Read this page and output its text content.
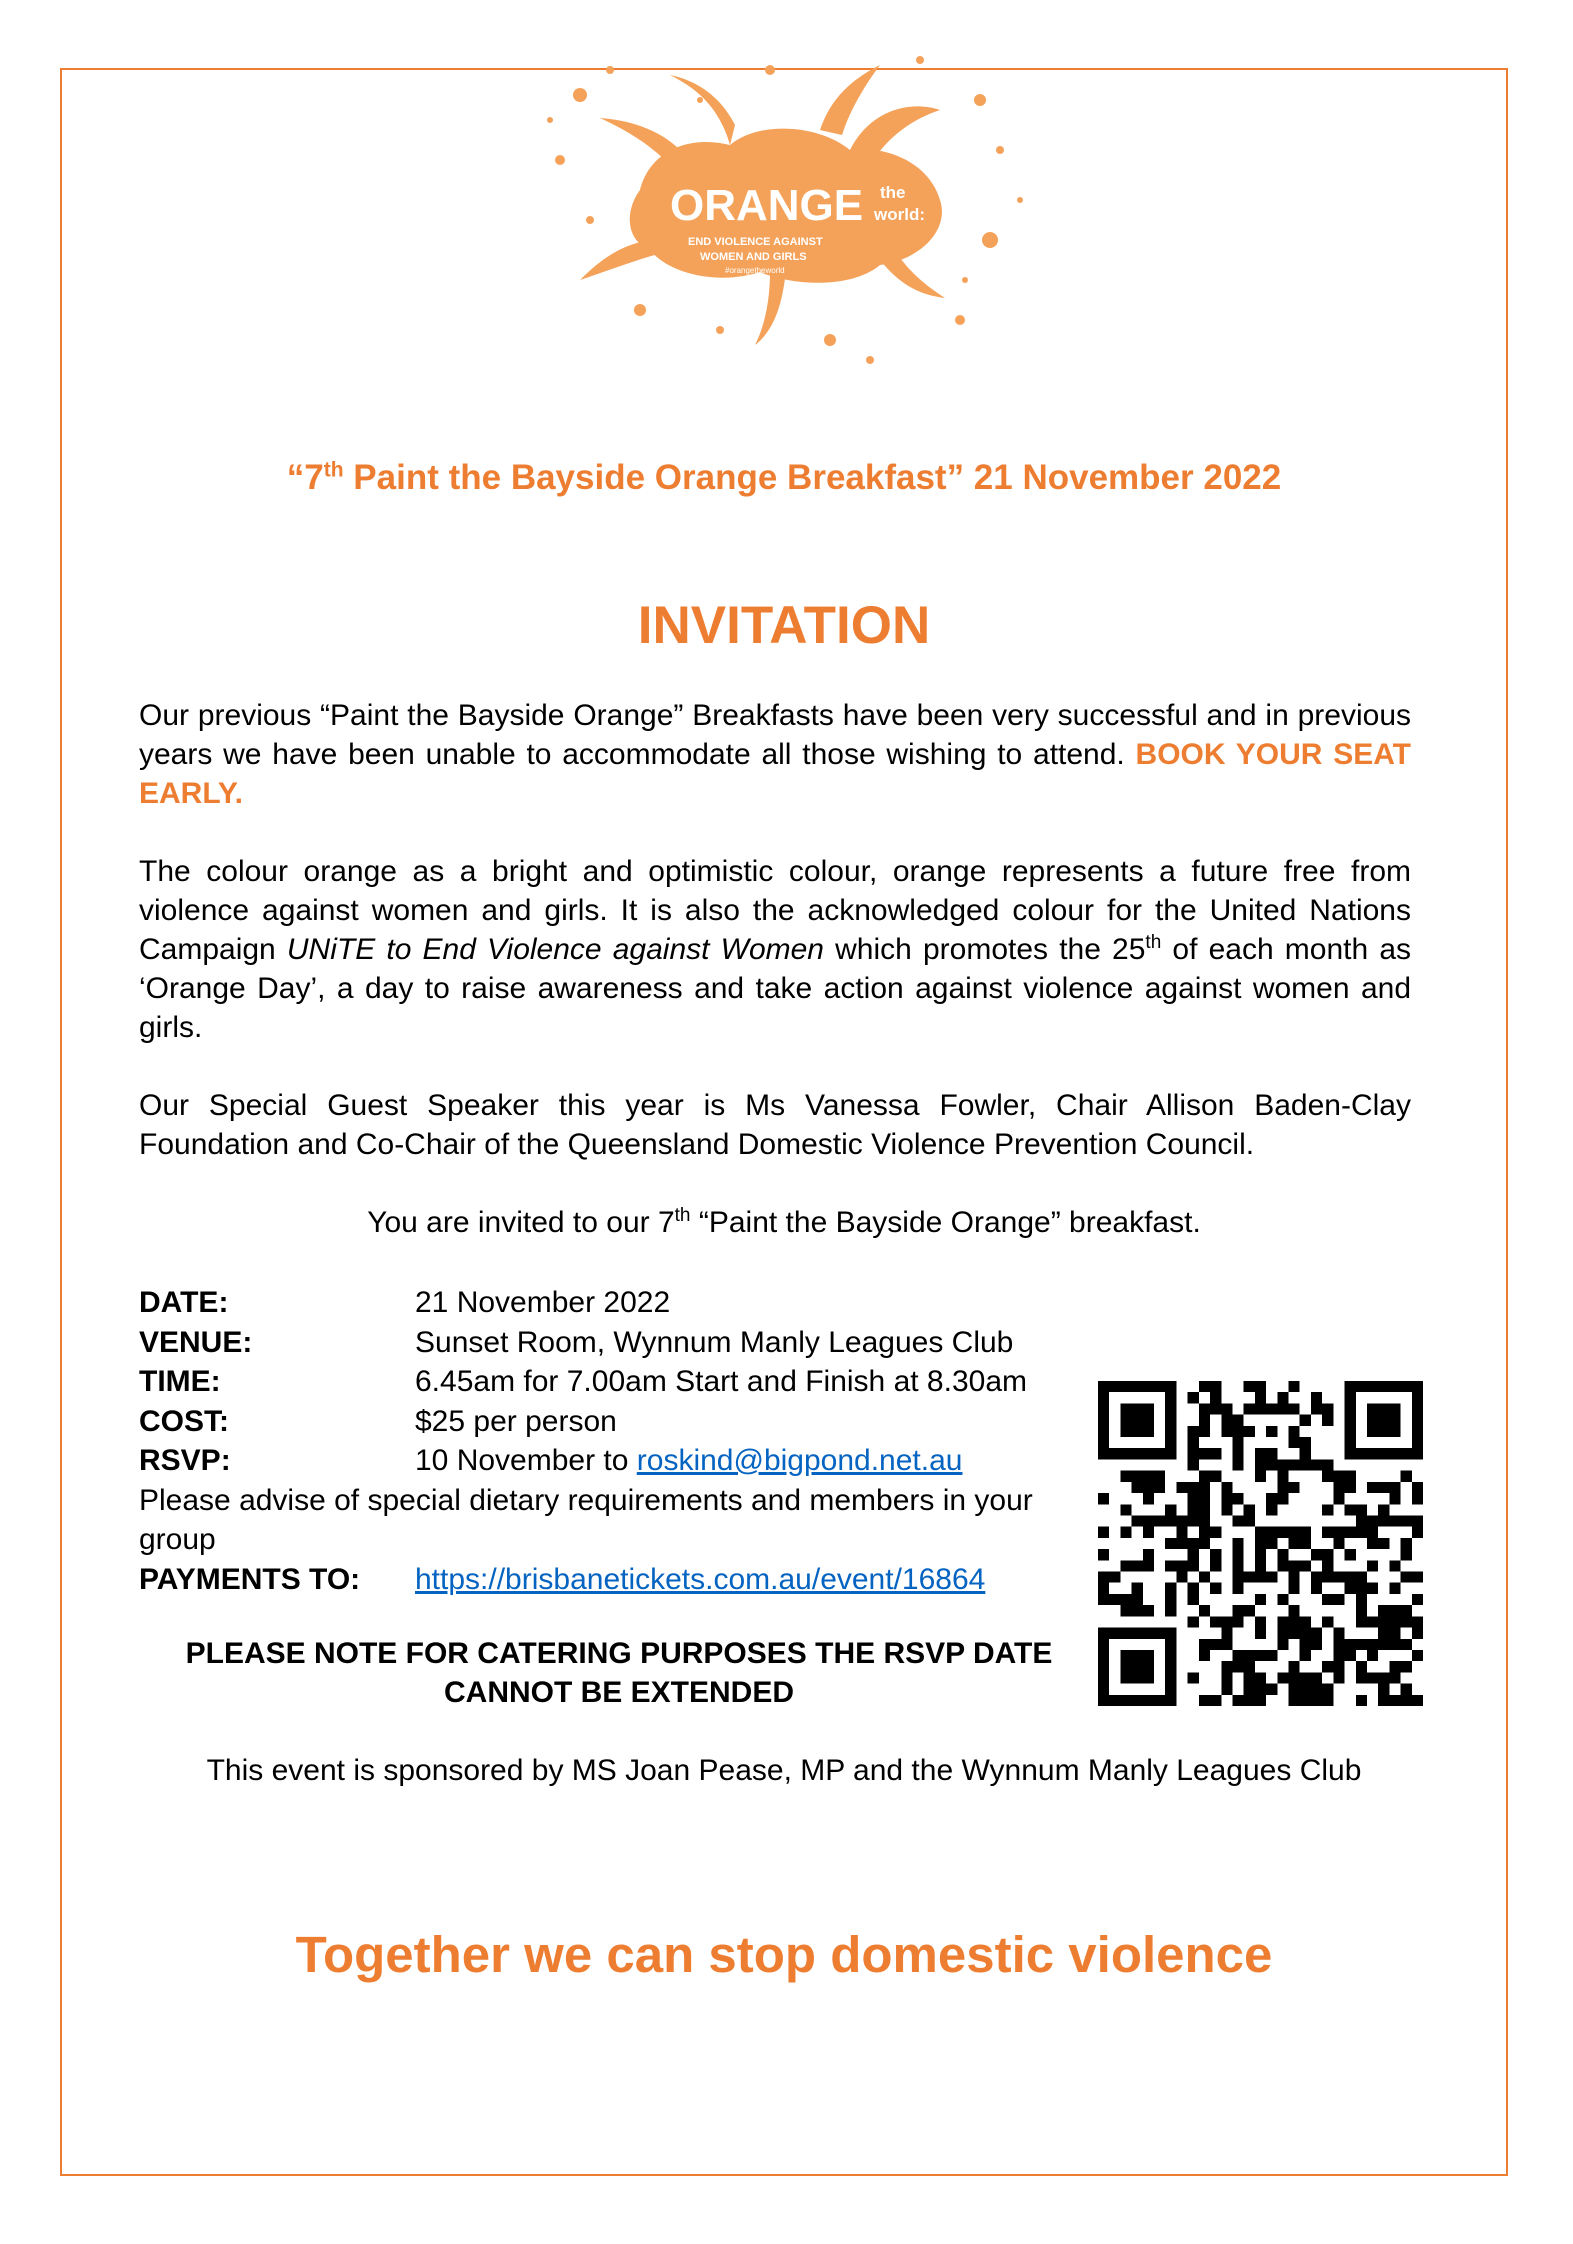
ORANGE the
world:
END VIOLENCE AGAINST
WOMEN AND GIRLS
#orangetheworld
“7th Paint the Bayside Orange Breakfast” 21 November 2022
INVITATION
Our previous “Paint the Bayside Orange” Breakfasts have been very successful and in previous years we have been unable to accommodate all those wishing to attend. BOOK YOUR SEAT EARLY.
The colour orange as a bright and optimistic colour, orange represents a future free from violence against women and girls. It is also the acknowledged colour for the United Nations Campaign UNiTE to End Violence against Women which promotes the 25th of each month as ‘Orange Day’, a day to raise awareness and take action against violence against women and girls.
Our Special Guest Speaker this year is Ms Vanessa Fowler, Chair Allison Baden-Clay Foundation and Co-Chair of the Queensland Domestic Violence Prevention Council.
You are invited to our 7th “Paint the Bayside Orange” breakfast.
DATE:	21 November 2022
VENUE:	Sunset Room, Wynnum Manly Leagues Club
TIME:	6.45am for 7.00am Start and Finish at 8.30am
COST:	$25 per person
RSVP:	10 November to roskind@bigpond.net.au
Please advise of special dietary requirements and members in your group
PAYMENTS TO:	https://brisbanetickets.com.au/event/16864
PLEASE NOTE FOR CATERING PURPOSES THE RSVP DATE
CANNOT BE EXTENDED
This event is sponsored by MS Joan Pease, MP and the Wynnum Manly Leagues Club
Together we can stop domestic violence
